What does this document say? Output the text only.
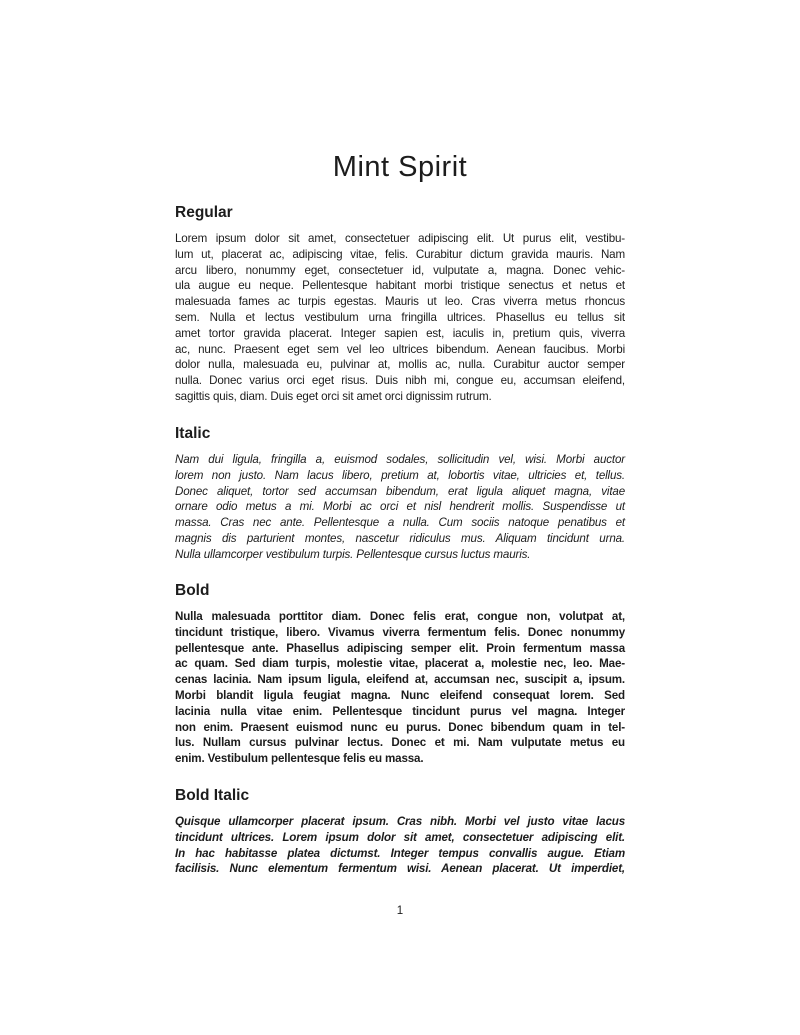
Mint Spirit
Regular
Lorem ipsum dolor sit amet, consectetuer adipiscing elit. Ut purus elit, vestibu-
lum ut, placerat ac, adipiscing vitae, felis. Curabitur dictum gravida mauris. Nam
arcu libero, nonummy eget, consectetuer id, vulputate a, magna. Donec vehic-
ula augue eu neque. Pellentesque habitant morbi tristique senectus et netus et
malesuada fames ac turpis egestas. Mauris ut leo. Cras viverra metus rhoncus
sem. Nulla et lectus vestibulum urna fringilla ultrices. Phasellus eu tellus sit
amet tortor gravida placerat. Integer sapien est, iaculis in, pretium quis, viverra
ac, nunc. Praesent eget sem vel leo ultrices bibendum. Aenean faucibus. Morbi
dolor nulla, malesuada eu, pulvinar at, mollis ac, nulla. Curabitur auctor semper
nulla. Donec varius orci eget risus. Duis nibh mi, congue eu, accumsan eleifend,
sagittis quis, diam. Duis eget orci sit amet orci dignissim rutrum.
Italic
Nam dui ligula, fringilla a, euismod sodales, sollicitudin vel, wisi. Morbi auctor
lorem non justo. Nam lacus libero, pretium at, lobortis vitae, ultricies et, tellus.
Donec aliquet, tortor sed accumsan bibendum, erat ligula aliquet magna, vitae
ornare odio metus a mi. Morbi ac orci et nisl hendrerit mollis. Suspendisse ut
massa. Cras nec ante. Pellentesque a nulla. Cum sociis natoque penatibus et
magnis dis parturient montes, nascetur ridiculus mus. Aliquam tincidunt urna.
Nulla ullamcorper vestibulum turpis. Pellentesque cursus luctus mauris.
Bold
Nulla malesuada porttitor diam. Donec felis erat, congue non, volutpat at,
tincidunt tristique, libero. Vivamus viverra fermentum felis. Donec nonummy
pellentesque ante. Phasellus adipiscing semper elit. Proin fermentum massa
ac quam. Sed diam turpis, molestie vitae, placerat a, molestie nec, leo. Mae-
cenas lacinia. Nam ipsum ligula, eleifend at, accumsan nec, suscipit a, ipsum.
Morbi blandit ligula feugiat magna. Nunc eleifend consequat lorem. Sed
lacinia nulla vitae enim. Pellentesque tincidunt purus vel magna. Integer
non enim. Praesent euismod nunc eu purus. Donec bibendum quam in tel-
lus. Nullam cursus pulvinar lectus. Donec et mi. Nam vulputate metus eu
enim. Vestibulum pellentesque felis eu massa.
Bold Italic
Quisque ullamcorper placerat ipsum. Cras nibh. Morbi vel justo vitae lacus
tincidunt ultrices. Lorem ipsum dolor sit amet, consectetuer adipiscing elit.
In hac habitasse platea dictumst. Integer tempus convallis augue. Etiam
facilisis. Nunc elementum fermentum wisi. Aenean placerat. Ut imperdiet,
1
